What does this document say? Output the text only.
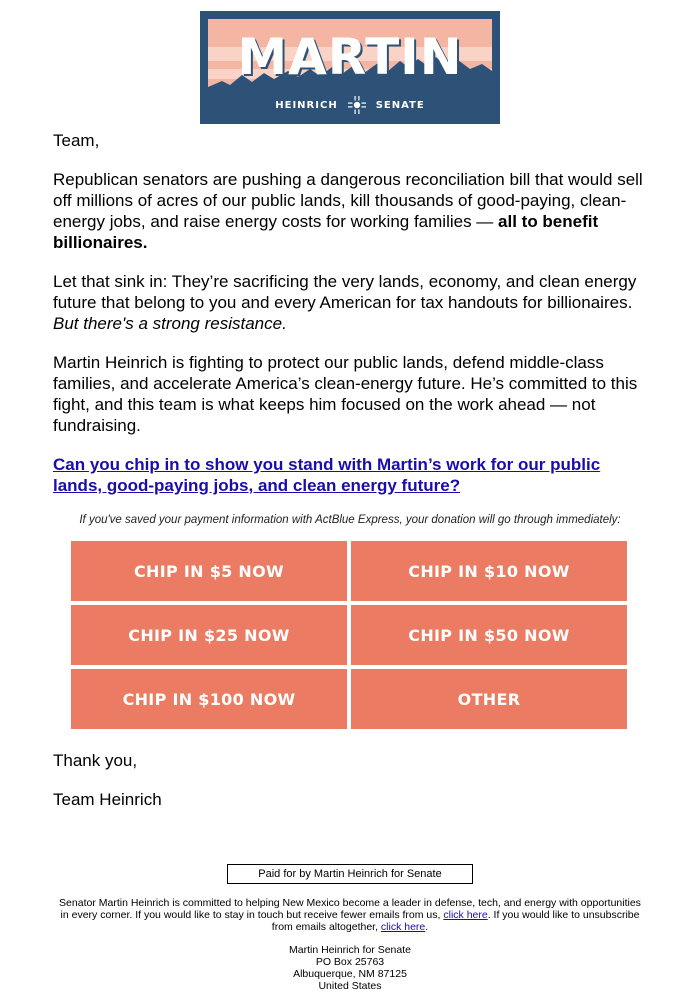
MARTIN
HEINRICH	SENATE
Team,
Republican senators are pushing a dangerous reconciliation bill that would sell off millions of acres of our public lands, kill thousands of good-paying, clean-energy jobs, and raise energy costs for working families — all to benefit billionaires.
Let that sink in: They’re sacrificing the very lands, economy, and clean energy future that belong to you and every American for tax handouts for billionaires. But there's a strong resistance.
Martin Heinrich is fighting to protect our public lands, defend middle-class families, and accelerate America’s clean-energy future. He’s committed to this fight, and this team is what keeps him focused on the work ahead — not fundraising.
Can you chip in to show you stand with Martin’s work for our public lands, good-paying jobs, and clean energy future?
If you've saved your payment information with ActBlue Express, your donation will go through immediately:
CHIP IN $5 NOW	CHIP IN $10 NOW
CHIP IN $25 NOW	CHIP IN $50 NOW
CHIP IN $100 NOW	OTHER
Thank you,
Team Heinrich
Paid for by Martin Heinrich for Senate
Senator Martin Heinrich is committed to helping New Mexico become a leader in defense, tech, and energy with opportunities in every corner. If you would like to stay in touch but receive fewer emails from us, click here. If you would like to unsubscribe from emails altogether, click here.
Martin Heinrich for Senate
PO Box 25763
Albuquerque, NM 87125
United States
